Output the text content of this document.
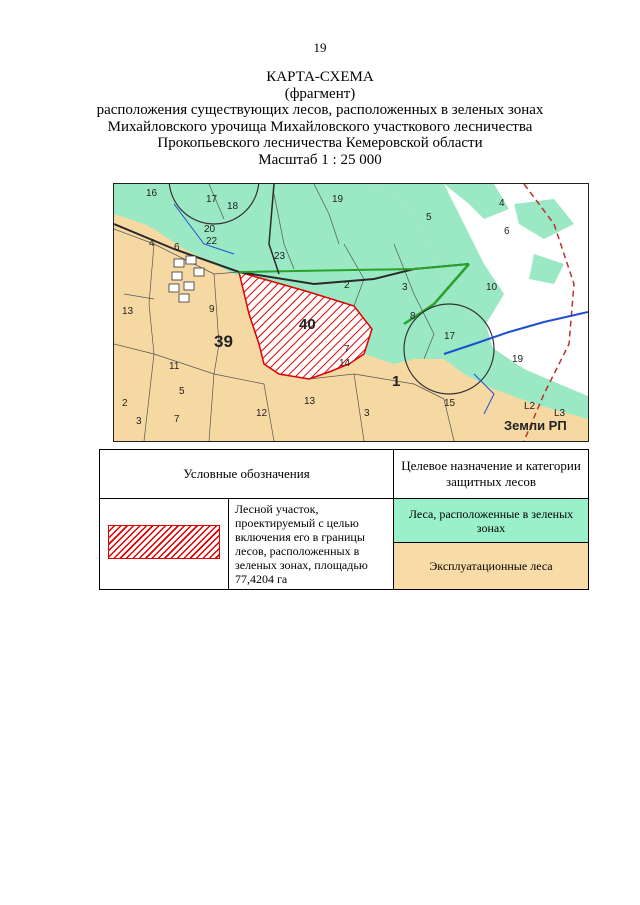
19
КАРТА-СХЕМА
(фрагмент)
расположения существующих лесов, расположенных в зеленых зонах
Михайловского урочища Михайловского участкового лесничества
Прокопьевского лесничества Кемеровской области
Масштаб 1 : 25 000
39
40
1
Земли РП
16
17
18
19
4 6
20
22
23
2	3	10
5
4
6
8
13	9
11
12
13
3
15
17
19
2
3	7
5
7
14
L2
L3
Условные обозначения		Целевое назначение и категории защитных лесов
	Лесной участок, проектируемый с целью включения его в границы лесов, расположенных в зеленых зонах, площадью 77,4204 га	Леса, расположенные в зеленых зонах
		Эксплуатационные леса
